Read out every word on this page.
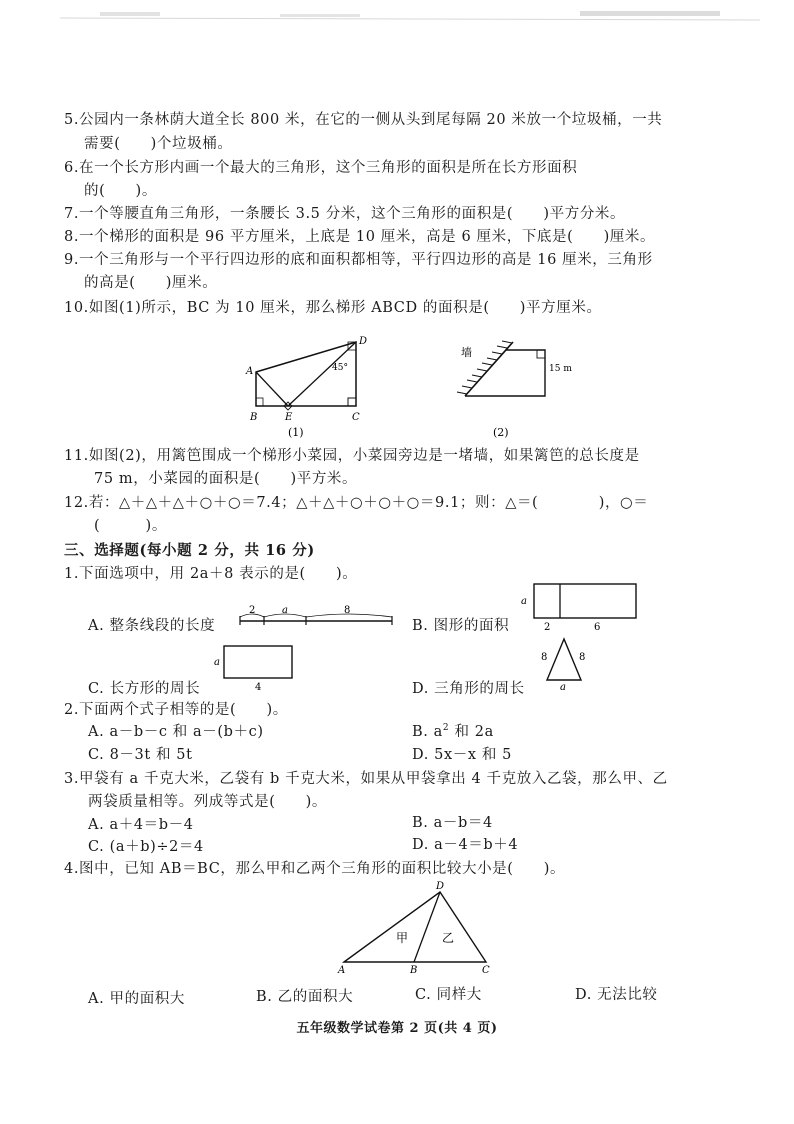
5.公园内一条林荫大道全长 800 米，在它的一侧从头到尾每隔 20 米放一个垃圾桶，一共
需要(　　)个垃圾桶。
6.在一个长方形内画一个最大的三角形，这个三角形的面积是所在长方形面积
的(　　)。
7.一个等腰直角三角形，一条腰长 3.5 分米，这个三角形的面积是(　　)平方分米。
8.一个梯形的面积是 96 平方厘米，上底是 10 厘米，高是 6 厘米，下底是(　　)厘米。
9.一个三角形与一个平行四边形的底和面积都相等，平行四边形的高是 16 厘米，三角形
的高是(　　)厘米。
10.如图(1)所示，BC 为 10 厘米，那么梯形 ABCD 的面积是(　　)平方厘米。
A
B	E	C
D
45°
(1)
墙
15 m
(2)
11.如图(2)，用篱笆围成一个梯形小菜园，小菜园旁边是一堵墙，如果篱笆的总长度是
75 m，小菜园的面积是(　　)平方米。
12.若：△＋△＋△＋○＋○＝7.4；△＋△＋○＋○＋○＝9.1；则：△＝(　　　　)，○＝
(　　　)。
三、选择题(每小题 2 分，共 16 分)
1.下面选项中，用 2a＋8 表示的是(　　)。
A. 整条线段的长度
2	a	8
B. 图形的面积
a
2	6
C. 长方形的周长
a
4	D. 三角形的周长
8	8
a
2.下面两个式子相等的是(　　)。
A. a－b－c 和 a－(b＋c)	B. $a^2$ 和 2a
C. 8－3t 和 5t	D. 5x－x 和 5
3.甲袋有 a 千克大米，乙袋有 b 千克大米，如果从甲袋拿出 4 千克放入乙袋，那么甲、乙
两袋质量相等。列成等式是(　　)。
A. a＋4＝b－4	B. a－b＝4
C. (a＋b)÷2＝4	D. a－4＝b＋4
4.图中，已知 AB＝BC，那么甲和乙两个三角形的面积比较大小是(　　)。
D
A	B	C
甲	乙
A. 甲的面积大	B. 乙的面积大	C. 同样大	D. 无法比较
五年级数学试卷第 2 页(共 4 页)
